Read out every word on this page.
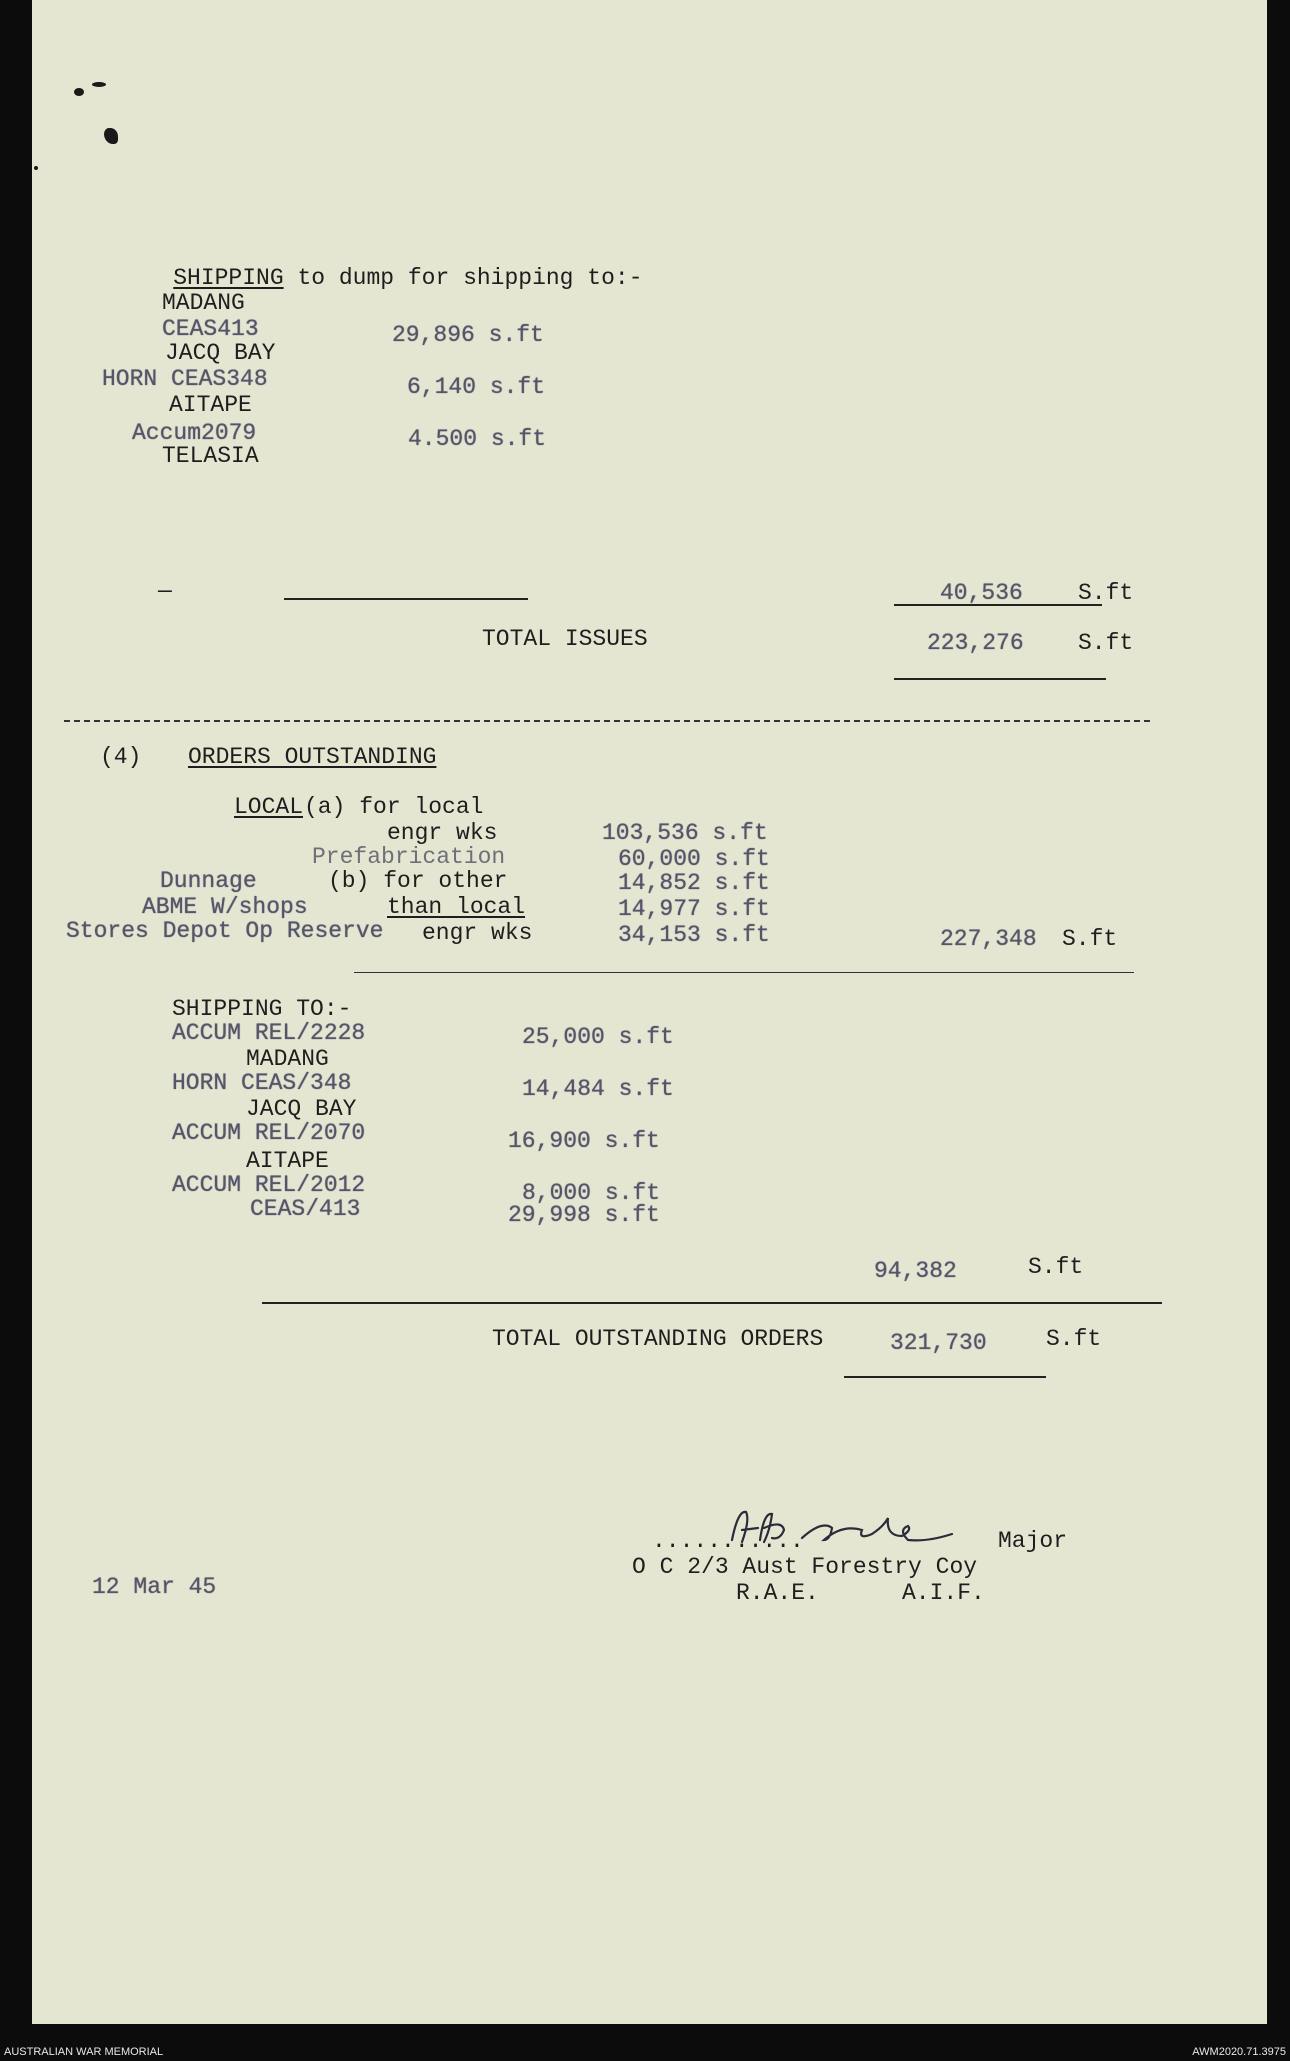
SHIPPING to dump for shipping to:-

MADANG
CEAS413	29,896 s.ft
JACQ BAY
HORN CEAS348	6,140 s.ft
AITAPE
Accum2079	4.500 s.ft
TELASIA
—	40,536 S.ft
TOTAL ISSUES	223,276 S.ft
(4) ORDERS OUTSTANDING
LOCAL (a) for local
engr wks	103,536 s.ft
Prefabrication	60,000 s.ft
Dunnage	(b) for other	14,852 s.ft
ABME W/shops	than local	14,977 s.ft
Stores Depot Op Reserve engr wks	34,153 s.ft	227,348 S.ft
SHIPPING TO:-
ACCUM REL/2228	25,000 s.ft
MADANG
HORN CEAS/348	14,484 s.ft
JACQ BAY
ACCUM REL/2070	16,900 s.ft
AITAPE
ACCUM REL/2012	8,000 s.ft
CEAS/413	29,998 s.ft
94,382	S.ft
TOTAL OUTSTANDING ORDERS	321,730	S.ft
...........	Major
O C 2/3 Aust Forestry Coy
R.A.E.	A.I.F.
12 Mar 45
AUSTRALIAN WAR MEMORIAL	AWM2020.71.3975
